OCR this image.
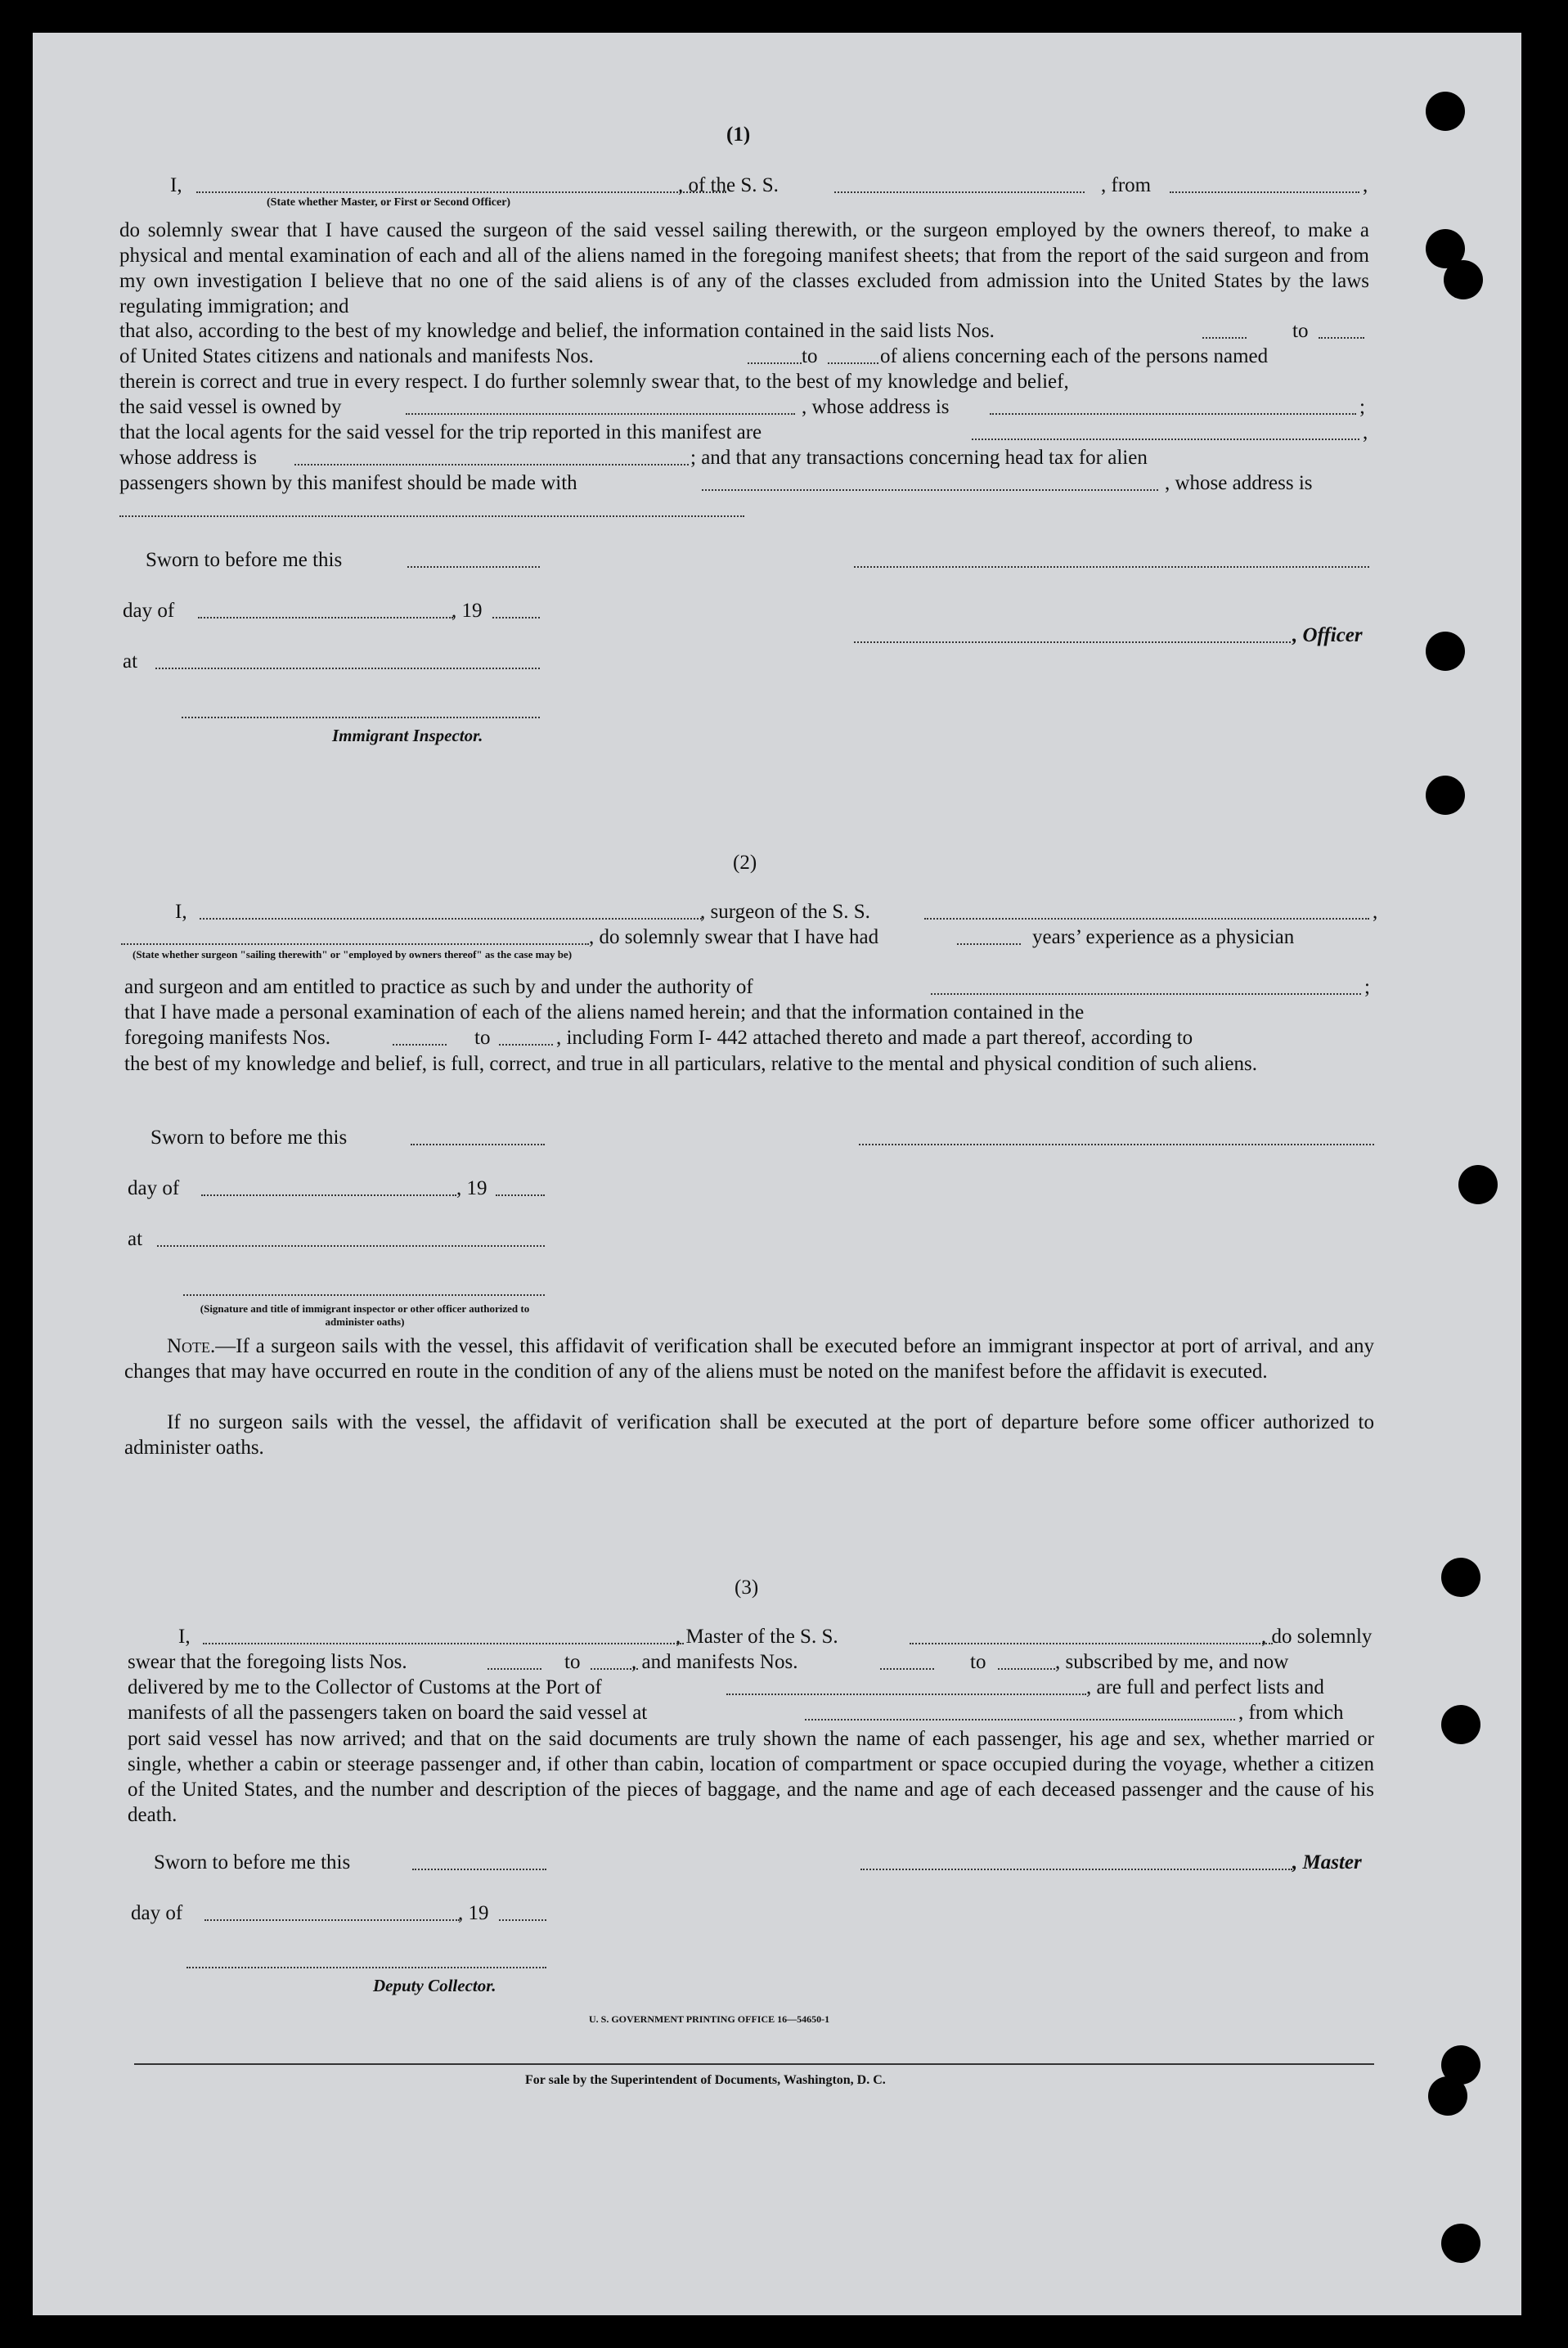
(1)
I,	, of the S. S.	, from	,
(State whether Master, or First or Second Officer)

do solemnly swear that I have caused the surgeon of the said vessel sailing therewith, or the surgeon employed by the owners thereof, to make a physical and mental examination of each and all of the aliens named in the foregoing manifest sheets; that from the report of the said surgeon and from my own investigation I believe that no one of the said aliens is of any of the classes excluded from admission into the United States by the laws regulating immigration; and

that also, according to the best of my knowledge and belief, the information contained in the said lists Nos.	to
of United States citizens and nationals and manifests Nos.	to	of aliens concerning each of the persons named
therein is correct and true in every respect. I do further solemnly swear that, to the best of my knowledge and belief,
the said vessel is owned by	, whose address is	;
that the local agents for the said vessel for the trip reported in this manifest are	,
whose address is	; and that any transactions concerning head tax for alien
passengers shown by this manifest should be made with	, whose address is
Sworn to before me this
day of	, 19
, Officer
at
Immigrant Inspector.
(2)
I,	, surgeon of the S. S.	,
, do solemnly swear that I have had	years’ experience as a physician
(State whether surgeon "sailing therewith" or "employed by owners thereof" as the case may be)
and surgeon and am entitled to practice as such by and under the authority of	;
that I have made a personal examination of each of the aliens named herein; and that the information contained in the
foregoing manifests Nos.	to	, including Form I- 442 attached thereto and made a part thereof, according to

the best of my knowledge and belief, is full, correct, and true in all particulars, relative to the mental and physical condition of such aliens.

Sworn to before me this
day of	, 19
at
(Signature and title of immigrant inspector or other officer authorized to administer oaths)

Note.—If a surgeon sails with the vessel, this affidavit of verification shall be executed before an immigrant inspector at port of arrival, and any changes that may have occurred en route in the condition of any of the aliens must be noted on the manifest before the affidavit is executed.

If no surgeon sails with the vessel, the affidavit of verification shall be executed at the port of departure before some officer authorized to administer oaths.

(3)
I,	, Master of the S. S.	, do solemnly
swear that the foregoing lists Nos.	to	, and manifests Nos.	to	, subscribed by me, and now
delivered by me to the Collector of Customs at the Port of	, are full and perfect lists and
manifests of all the passengers taken on board the said vessel at	, from which

port said vessel has now arrived; and that on the said documents are truly shown the name of each passenger, his age and sex, whether married or single, whether a cabin or steerage passenger and, if other than cabin, location of compartment or space occupied during the voyage, whether a citizen of the United States, and the number and description of the pieces of baggage, and the name and age of each deceased passenger and the cause of his death.

Sworn to before me this	, Master
day of	, 19
Deputy Collector.
U. S. GOVERNMENT PRINTING OFFICE 16—54650-1
For sale by the Superintendent of Documents, Washington, D. C.
